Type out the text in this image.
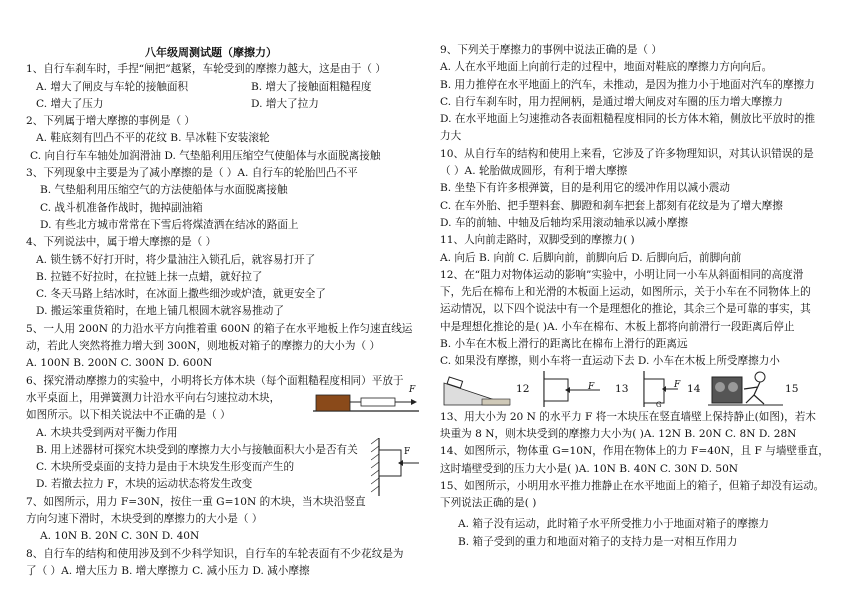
八年级周测试题（摩擦力）

1、自行车刹车时，手捏“闸把”越紧，车轮受到的摩擦力越大，这是由于（ ）

A. 增大了闸皮与车轮的接触面积	B. 增大了接触面粗糙程度
C. 增大了压力	D. 增大了拉力

2、下列属于增大摩擦的事例是（ ）

A. 鞋底刻有凹凸不平的花纹 B. 旱冰鞋下安装滚轮
C. 向自行车车轴处加润滑油 D. 气垫船利用压缩空气使船体与水面脱离接触

3、下列现象中主要是为了减小摩擦的是（ ）A. 自行车的轮胎凹凸不平

B. 气垫船利用压缩空气的方法使船体与水面脱离接触
C. 战斗机准备作战时，抛掉副油箱
D. 有些北方城市常常在下雪后将煤渣洒在结冰的路面上

4、下列说法中，属于增大摩擦的是（ ）

A. 锁生锈不好打开时，将少量油注入锁孔后，就容易打开了
B. 拉链不好拉时，在拉链上抹一点蜡，就好拉了
C. 冬天马路上结冰时，在冰面上撒些细沙或炉渣，就更安全了
D. 搬运笨重货箱时，在地上铺几根圆木就容易推动了

5、一人用 200N 的力沿水平方向推着重 600N 的箱子在水平地板上作匀速直线运

动，若此人突然将推力增大到 300N，则地板对箱子的摩擦力的大小为（ ）

A. 100N B. 200N C. 300N D. 600N

6、探究滑动摩擦力的实验中，小明将长方体木块（每个面粗糙程度相同）平放于

水平桌面上，用弹簧测力计沿水平向右匀速拉动木块，

如图所示。以下相关说法中不正确的是（ ）

F
A. 木块共受到两对平衡力作用
B. 用上述器材可探究木块受到的摩擦力大小与接触面积大小是否有关
C. 木块所受桌面的支持力是由于木块发生形变而产生的
D. 若撤去拉力 F，木块的运动状态将发生改变

7、如图所示，用力 F=30N，按住一重 G=10N 的木块，当木块沿竖直

方向匀速下滑时，木块受到的摩擦力的大小是（ ）

F

A. 10N B. 20N C. 30N D. 40N

8、自行车的结构和使用涉及到不少科学知识，自行车的车轮表面有不少花纹是为

了（ ）A. 增大压力 B. 增大摩擦力 C. 减小压力 D. 减小摩擦

9、下列关于摩擦力的事例中说法正确的是（ ）

A. 人在水平地面上向前行走的过程中，地面对鞋底的摩擦力方向向后。

B. 用力推停在水平地面上的汽车，未推动，是因为推力小于地面对汽车的摩擦力

C. 自行车刹车时，用力捏闸柄，是通过增大闸皮对车圈的压力增大摩擦力

D. 在水平地面上匀速推动各表面粗糙程度相同的长方体木箱，侧放比平放时的推

力大

10、从自行车的结构和使用上来看，它涉及了许多物理知识，对其认识错误的是

（ ）A. 轮胎做成圆形，有利于增大摩擦

B. 坐垫下有许多根弹簧，目的是利用它的缓冲作用以减小震动

C. 在车外胎、把手塑料套、脚蹬和刹车把套上都刻有花纹是为了增大摩擦

D. 车的前轴、中轴及后轴均采用滚动轴承以减小摩擦

11、人向前走路时，双脚受到的摩擦力( )

A. 向后 B. 向前 C. 后脚向前，前脚向后 D. 后脚向后，前脚向前

12、在“阻力对物体运动的影响”实验中，小明让同一小车从斜面相同的高度滑

下，先后在棉布上和光滑的木板面上运动，如图所示，关于小车在不同物体上的

运动情况，以下四个说法中有一个是理想化的推论，其余三个是可靠的事实，其

中是理想化推论的是( )A. 小车在棉布、木板上都将向前滑行一段距离后停止

B. 小车在木板上滑行的距离比在棉布上滑行的距离远

C. 如果没有摩擦，则小车将一直运动下去 D. 小车在木板上所受摩擦力小

12	F 13
G
F 14	15

13、用大小为 20 N 的水平力 F 将一木块压在竖直墙壁上保持静止(如图)，若木

块重为 8 N，则木块受到的摩擦力大小为( )A. 12N B. 20N C. 8N D. 28N

14、如图所示，物体重 G=10N，作用在物体上的力 F=40N，且 F 与墙壁垂直，

这时墙壁受到的压力大小是( )A. 10N B. 40N C. 30N D. 50N

15、如图所示，小明用水平推力推静止在水平地面上的箱子，但箱子却没有运动。

下列说法正确的是( )

A. 箱子没有运动，此时箱子水平所受推力小于地面对箱子的摩擦力

B. 箱子受到的重力和地面对箱子的支持力是一对相互作用力
